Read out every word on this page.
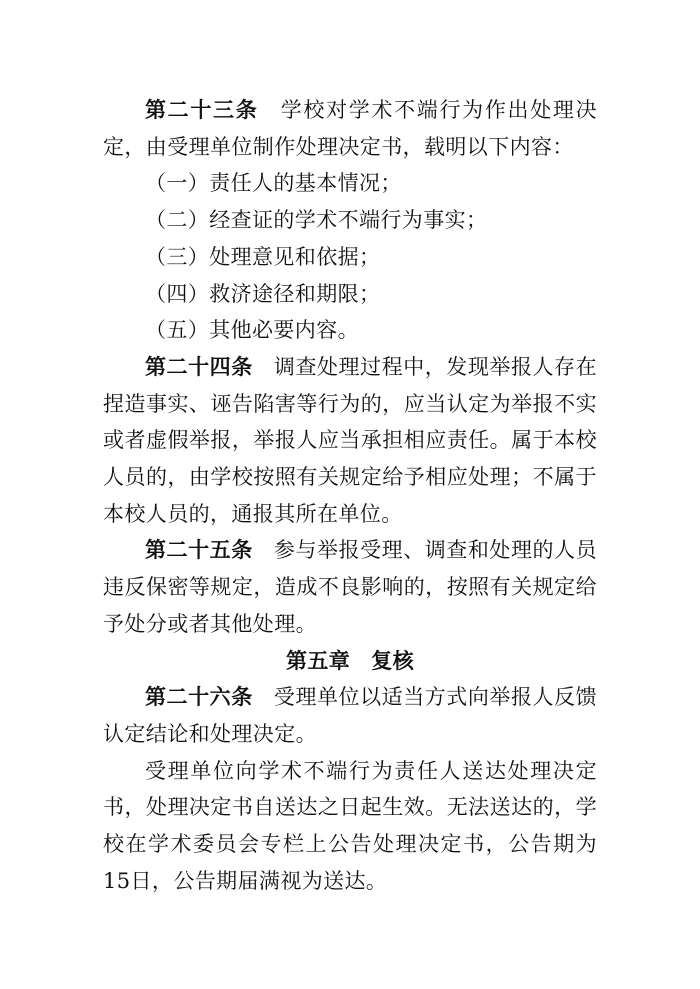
第二十三条 学校对学术不端行为作出处理决定，由受理单位制作处理决定书，载明以下内容：

（一）责任人的基本情况；

（二）经查证的学术不端行为事实；

（三）处理意见和依据；

（四）救济途径和期限；

（五）其他必要内容。

第二十四条 调查处理过程中，发现举报人存在捏造事实、诬告陷害等行为的，应当认定为举报不实或者虚假举报，举报人应当承担相应责任。属于本校人员的，由学校按照有关规定给予相应处理；不属于本校人员的，通报其所在单位。

第二十五条 参与举报受理、调查和处理的人员违反保密等规定，造成不良影响的，按照有关规定给予处分或者其他处理。

第五章 复核

第二十六条 受理单位以适当方式向举报人反馈认定结论和处理决定。

受理单位向学术不端行为责任人送达处理决定书，处理决定书自送达之日起生效。无法送达的，学校在学术委员会专栏上公告处理决定书，公告期为15日，公告期届满视为送达。
